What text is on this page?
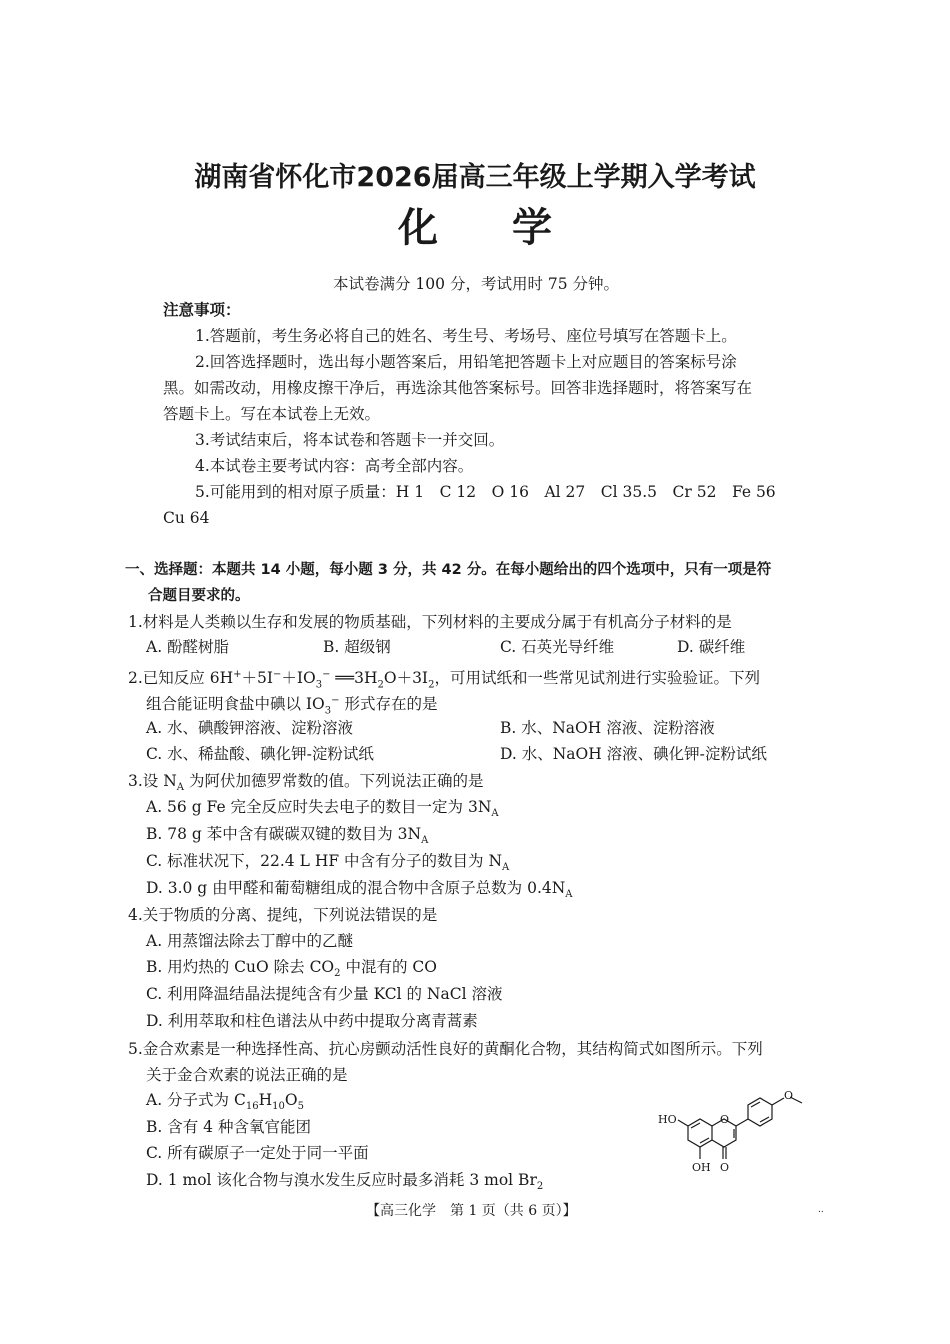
湖南省怀化市2026届高三年级上学期入学考试
化 学
本试卷满分 100 分，考试用时 75 分钟。
注意事项：
1.答题前，考生务必将自己的姓名、考生号、考场号、座位号填写在答题卡上。
2.回答选择题时，选出每小题答案后，用铅笔把答题卡上对应题目的答案标号涂
黑。如需改动，用橡皮擦干净后，再选涂其他答案标号。回答非选择题时，将答案写在
答题卡上。写在本试卷上无效。
3.考试结束后，将本试卷和答题卡一并交回。
4.本试卷主要考试内容：高考全部内容。
5.可能用到的相对原子质量：H 1　C 12　O 16　Al 27　Cl 35.5　Cr 52　Fe 56
Cu 64
一、选择题：本题共 14 小题，每小题 3 分，共 42 分。在每小题给出的四个选项中，只有一项是符
合题目要求的。
1.材料是人类赖以生存和发展的物质基础，下列材料的主要成分属于有机高分子材料的是
A. 酚醛树脂	B. 超级钢	C. 石英光导纤维	D. 碳纤维
2.已知反应 $6H^++5I^-+IO_3^-$ $══3H_2O+3I_2$，可用试纸和一些常见试剂进行实验验证。下列
组合能证明食盐中碘以 $IO_3^-$ 形式存在的是
A. 水、碘酸钾溶液、淀粉溶液	B. 水、NaOH 溶液、淀粉溶液
C. 水、稀盐酸、碘化钾-淀粉试纸	D. 水、NaOH 溶液、碘化钾-淀粉试纸
3.设 $N_A$ 为阿伏加德罗常数的值。下列说法正确的是
A. 56 g Fe 完全反应时失去电子的数目一定为 $3N_A$
B. 78 g 苯中含有碳碳双键的数目为 $3N_A$
C. 标准状况下，22.4 L HF 中含有分子的数目为 $N_A$
D. 3.0 g 由甲醛和葡萄糖组成的混合物中含原子总数为 $0.4N_A$
4.关于物质的分离、提纯，下列说法错误的是
A. 用蒸馏法除去丁醇中的乙醚
B. 用灼热的 CuO 除去 $CO_2$ 中混有的 CO
C. 利用降温结晶法提纯含有少量 KCl 的 NaCl 溶液
D. 利用萃取和柱色谱法从中药中提取分离青蒿素
5.金合欢素是一种选择性高、抗心房颤动活性良好的黄酮化合物，其结构简式如图所示。下列
关于金合欢素的说法正确的是
A. 分子式为 $C_{16}H_{10}O_5$
B. 含有 4 种含氧官能团
C. 所有碳原子一定处于同一平面
D. 1 mol 该化合物与溴水发生反应时最多消耗 3 mol $Br_2$
HO	O
O
OH
O
【高三化学　第 1 页（共 6 页）】	..
